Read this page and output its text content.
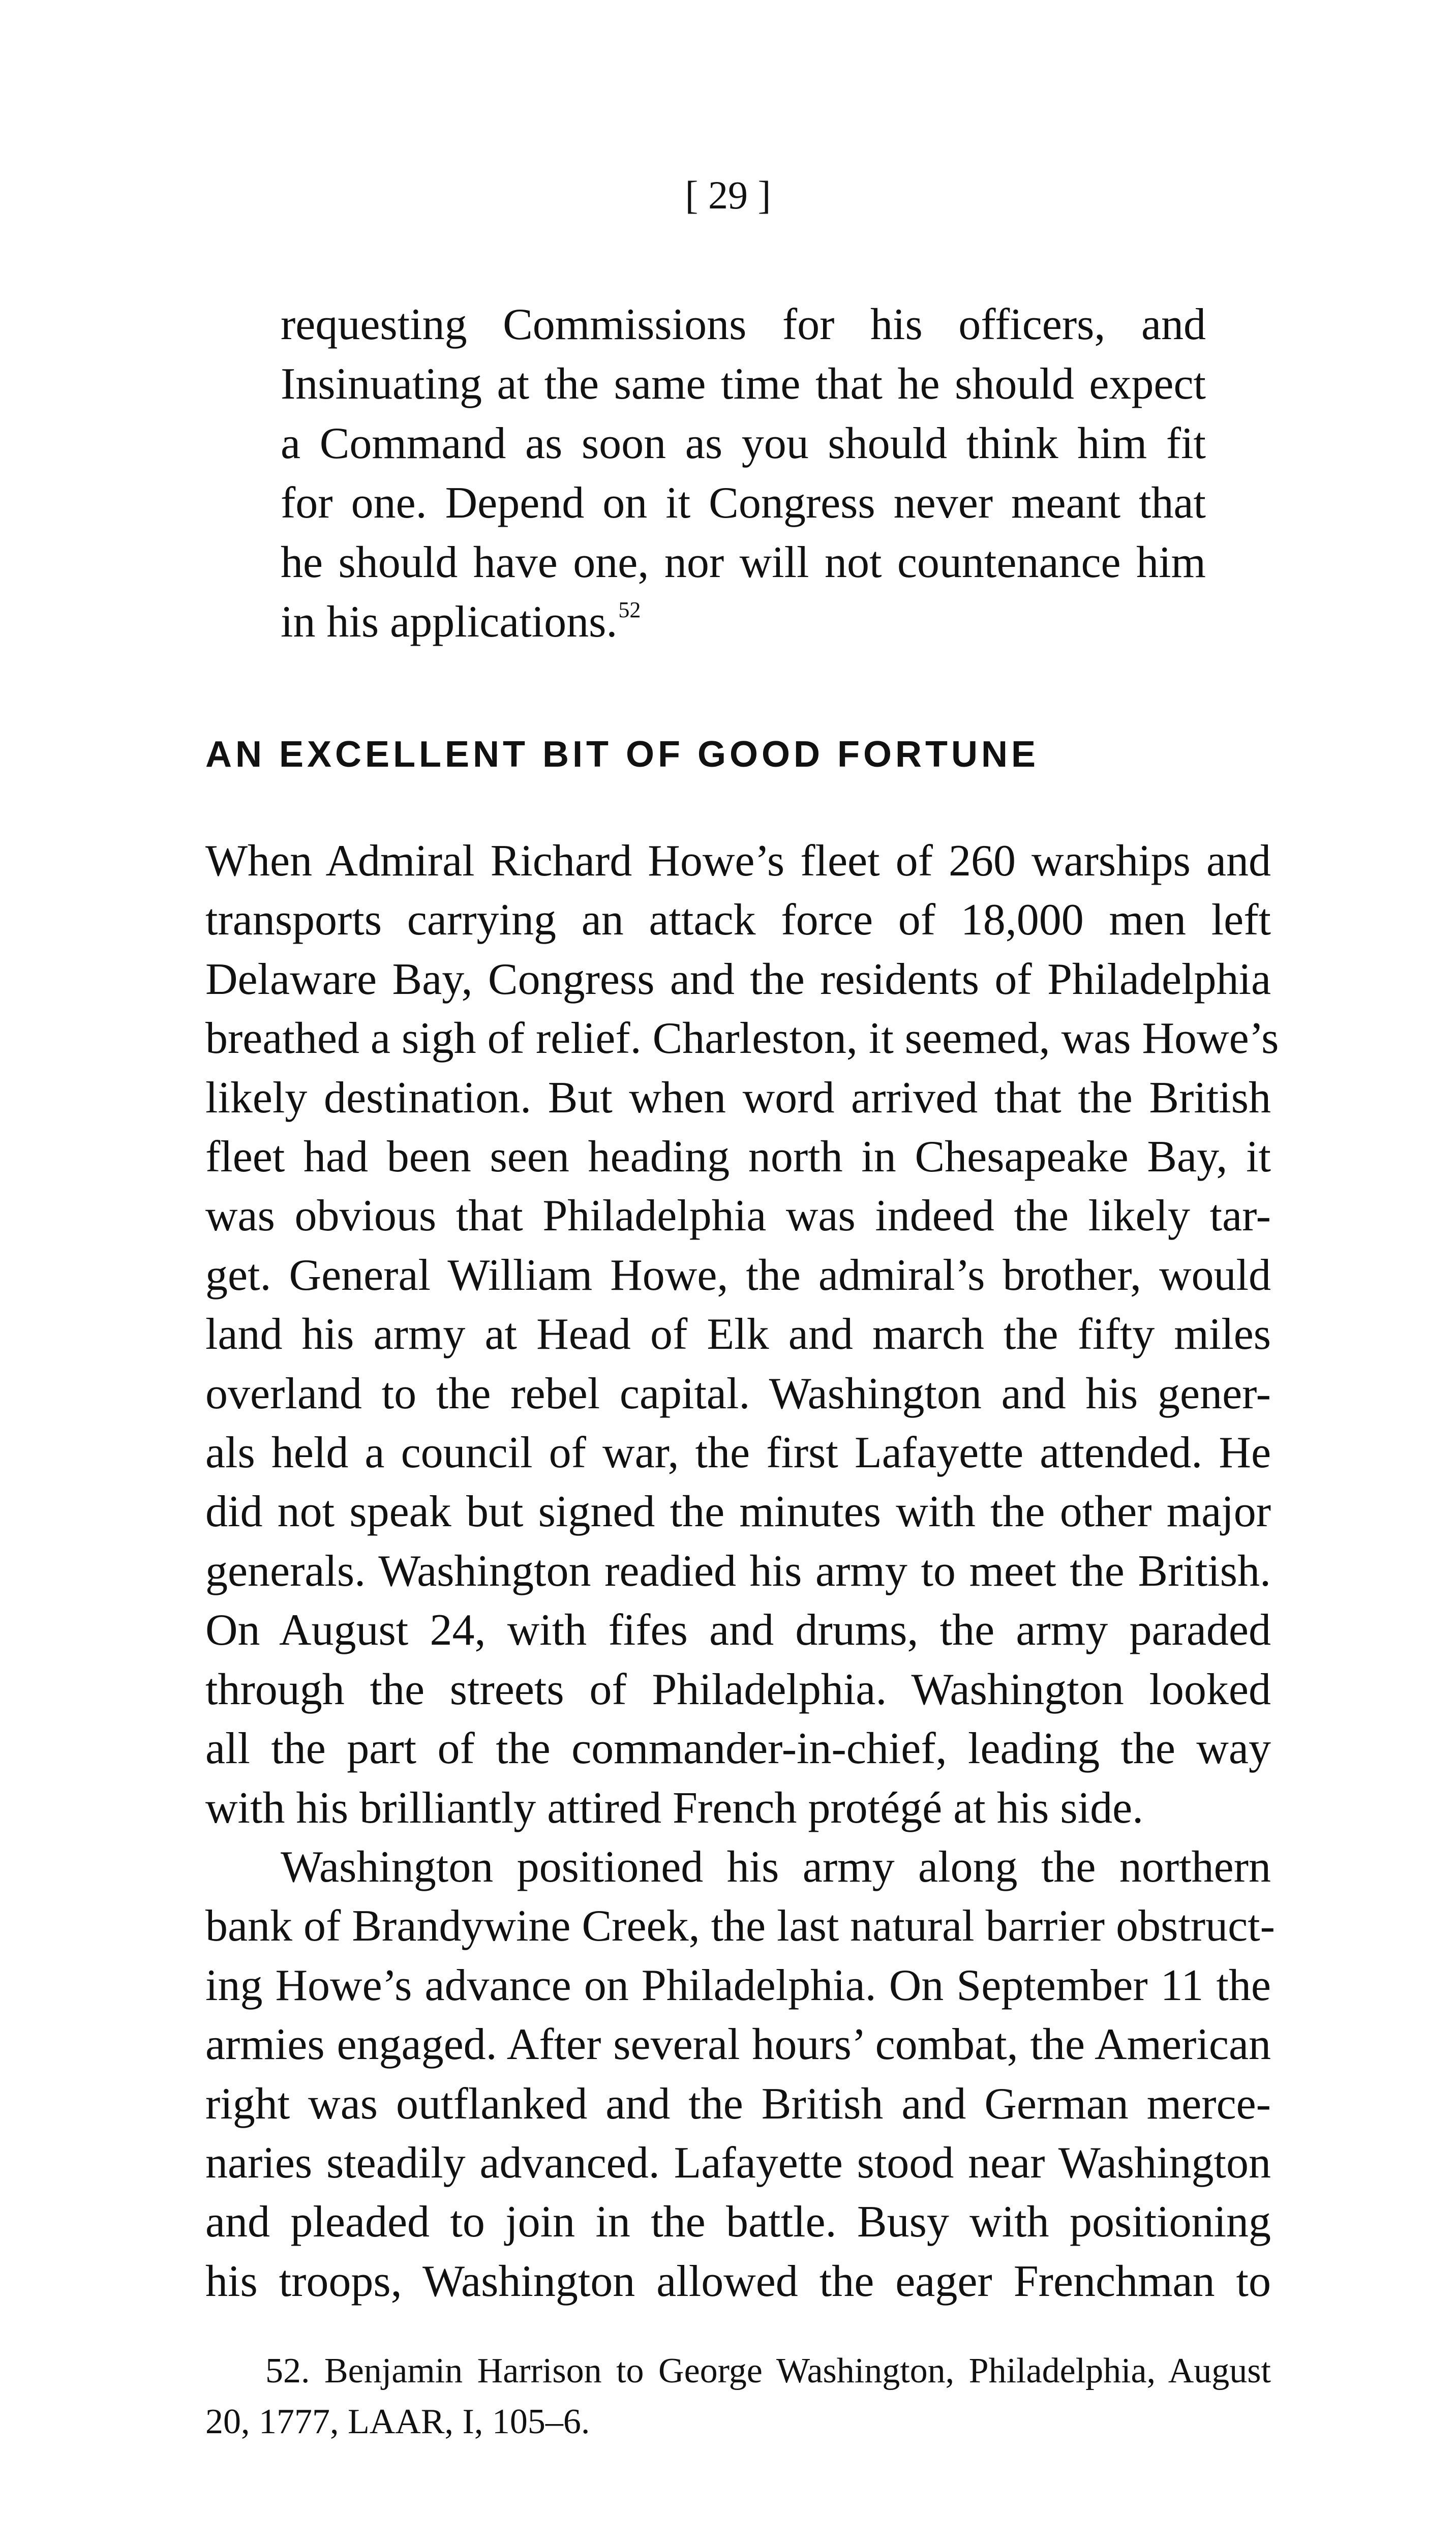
[ 29 ]
requesting Commissions for his officers, and
Insinuating at the same time that he should expect
a Command as soon as you should think him fit
for one. Depend on it Congress never meant that
he should have one, nor will not countenance him
in his applications.$^{52}$
AN EXCELLENT BIT OF GOOD FORTUNE
When Admiral Richard Howe’s fleet of 260 warships and
transports carrying an attack force of 18,000 men left
Delaware Bay, Congress and the residents of Philadelphia
breathed a sigh of relief. Charleston, it seemed, was Howe’s
likely destination. But when word arrived that the British
fleet had been seen heading north in Chesapeake Bay, it
was obvious that Philadelphia was indeed the likely tar-
get. General William Howe, the admiral’s brother, would
land his army at Head of Elk and march the fifty miles
overland to the rebel capital. Washington and his gener-
als held a council of war, the first Lafayette attended. He
did not speak but signed the minutes with the other major
generals. Washington readied his army to meet the British.
On August 24, with fifes and drums, the army paraded
through the streets of Philadelphia. Washington looked
all the part of the commander-in-chief, leading the way
with his brilliantly attired French protégé at his side.
Washington positioned his army along the northern
bank of Brandywine Creek, the last natural barrier obstruct-
ing Howe’s advance on Philadelphia. On September 11 the
armies engaged. After several hours’ combat, the American
right was outflanked and the British and German merce-
naries steadily advanced. Lafayette stood near Washington
and pleaded to join in the battle. Busy with positioning
his troops, Washington allowed the eager Frenchman to
52. Benjamin Harrison to George Washington, Philadelphia, August
20, 1777, LAAR, I, 105–6.
